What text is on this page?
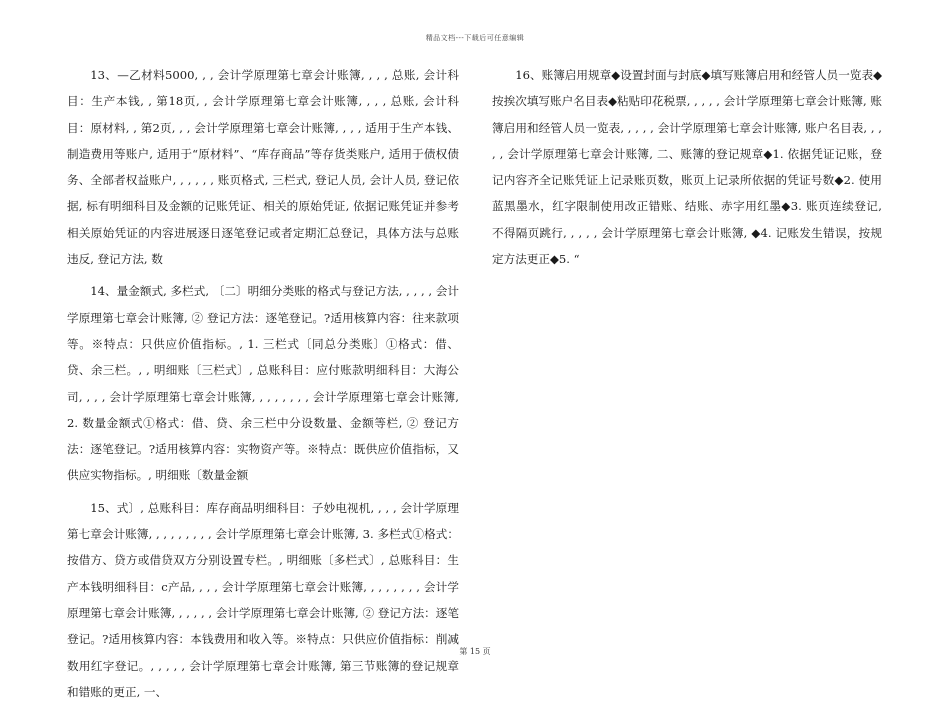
精品文档---下载后可任意编辑

13、—乙材料5000, , , 会计学原理第七章会计账簿, , , , 总账, 会计科目：生产本钱, , 第18页, , 会计学原理第七章会计账簿, , , , 总账, 会计科目：原材料, , 第2页, , , 会计学原理第七章会计账簿, , , , 适用于生产本钱、制造费用等账户, 适用于“原材料”、“库存商品”等存货类账户, 适用于债权债务、全部者权益账户, , , , , , 账页格式, 三栏式, 登记人员, 会计人员, 登记依据, 标有明细科目及金额的记账凭证、相关的原始凭证, 依据记账凭证并参考相关原始凭证的内容进展逐日逐笔登记或者定期汇总登记，具体方法与总账违反, 登记方法, 数

14、量金额式, 多栏式, 〔二〕明细分类账的格式与登记方法, , , , , 会计学原理第七章会计账簿, ② 登记方法：逐笔登记。?适用核算内容：往来款项等。※特点：只供应价值指标。, 1. 三栏式〔同总分类账〕①格式：借、贷、余三栏。, , 明细账〔三栏式〕, 总账科目：应付账款明细科目：大海公司, , , , 会计学原理第七章会计账簿, , , , , , , , 会计学原理第七章会计账簿, 2. 数量金额式①格式：借、贷、余三栏中分设数量、金额等栏, ② 登记方法：逐笔登记。?适用核算内容：实物资产等。※特点：既供应价值指标，又供应实物指标。, 明细账〔数量金额

15、式〕, 总账科目：库存商品明细科目：子妙电视机, , , , 会计学原理第七章会计账簿, , , , , , , , , 会计学原理第七章会计账簿, 3. 多栏式①格式：按借方、贷方或借贷双方分别设置专栏。, 明细账〔多栏式〕, 总账科目：生产本钱明细科目：c产品, , , , 会计学原理第七章会计账簿, , , , , , , , 会计学原理第七章会计账簿, , , , , , 会计学原理第七章会计账簿, ② 登记方法：逐笔登记。?适用核算内容：本钱费用和收入等。※特点：只供应价值指标：削减数用红字登记。, , , , , 会计学原理第七章会计账簿, 第三节账簿的登记规章和错账的更正, 一、

16、账簿启用规章◆设置封面与封底◆填写账簿启用和经管人员一览表◆按挨次填写账户名目表◆粘贴印花税票, , , , , 会计学原理第七章会计账簿, 账簿启用和经管人员一览表, , , , , 会计学原理第七章会计账簿, 账户名目表, , , , , 会计学原理第七章会计账簿, 二、账簿的登记规章◆1. 依据凭证记账，登记内容齐全记账凭证上记录账页数，账页上记录所依据的凭证号数◆2. 使用蓝黑墨水，红字限制使用改正错账、结账、赤字用红墨◆3. 账页连续登记, 不得隔页跳行, , , , , 会计学原理第七章会计账簿, ◆4. 记账发生错误，按规定方法更正◆5. “

第 15 页
